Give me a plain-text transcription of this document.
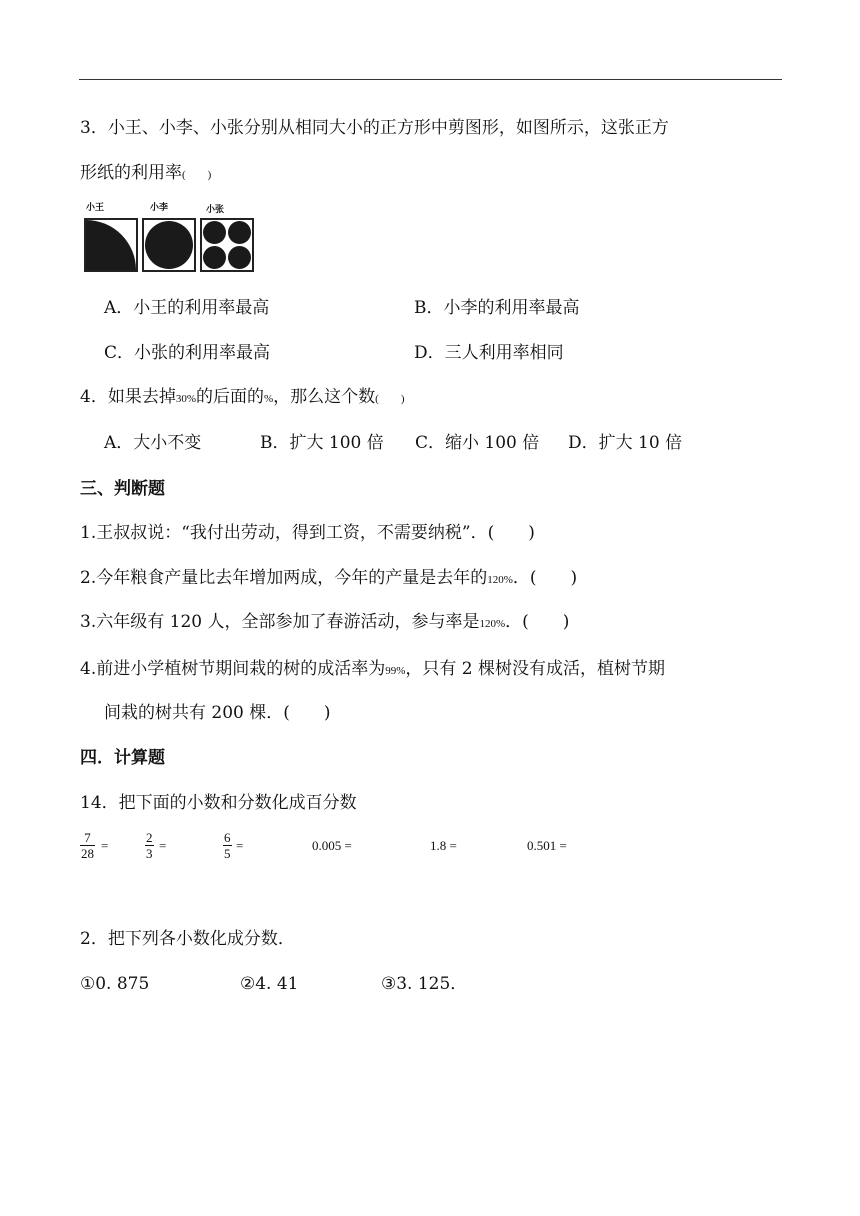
3．小王、小李、小张分别从相同大小的正方形中剪图形，如图所示，这张正方
形纸的利用率(　　)
小王	小李	小张
A．小王的利用率最高	B．小李的利用率最高
C．小张的利用率最高	D．三人利用率相同
4．如果去掉30%的后面的%，那么这个数(　　)
A．大小不变	B．扩大 100 倍 C．缩小 100 倍 D．扩大 10 倍
三、判断题
1.王叔叔说：“我付出劳动，得到工资，不需要纳税”．(　　)
2.今年粮食产量比去年增加两成，今年的产量是去年的120%．(　　)
3.六年级有 120 人，全部参加了春游活动，参与率是120%．(　　)
4.前进小学植树节期间栽的树的成活率为99%，只有 2 棵树没有成活，植树节期
间栽的树共有 200 棵．(　　)
四．计算题
14．把下面的小数和分数化成百分数
$\frac{7}{28}$ =	$\frac{2}{3}$ =	$\frac{6}{5}$ =	0.005 =	1.8 =	0.501 =
2．把下列各小数化成分数．
①0. 875	②4. 41	③3. 125．
